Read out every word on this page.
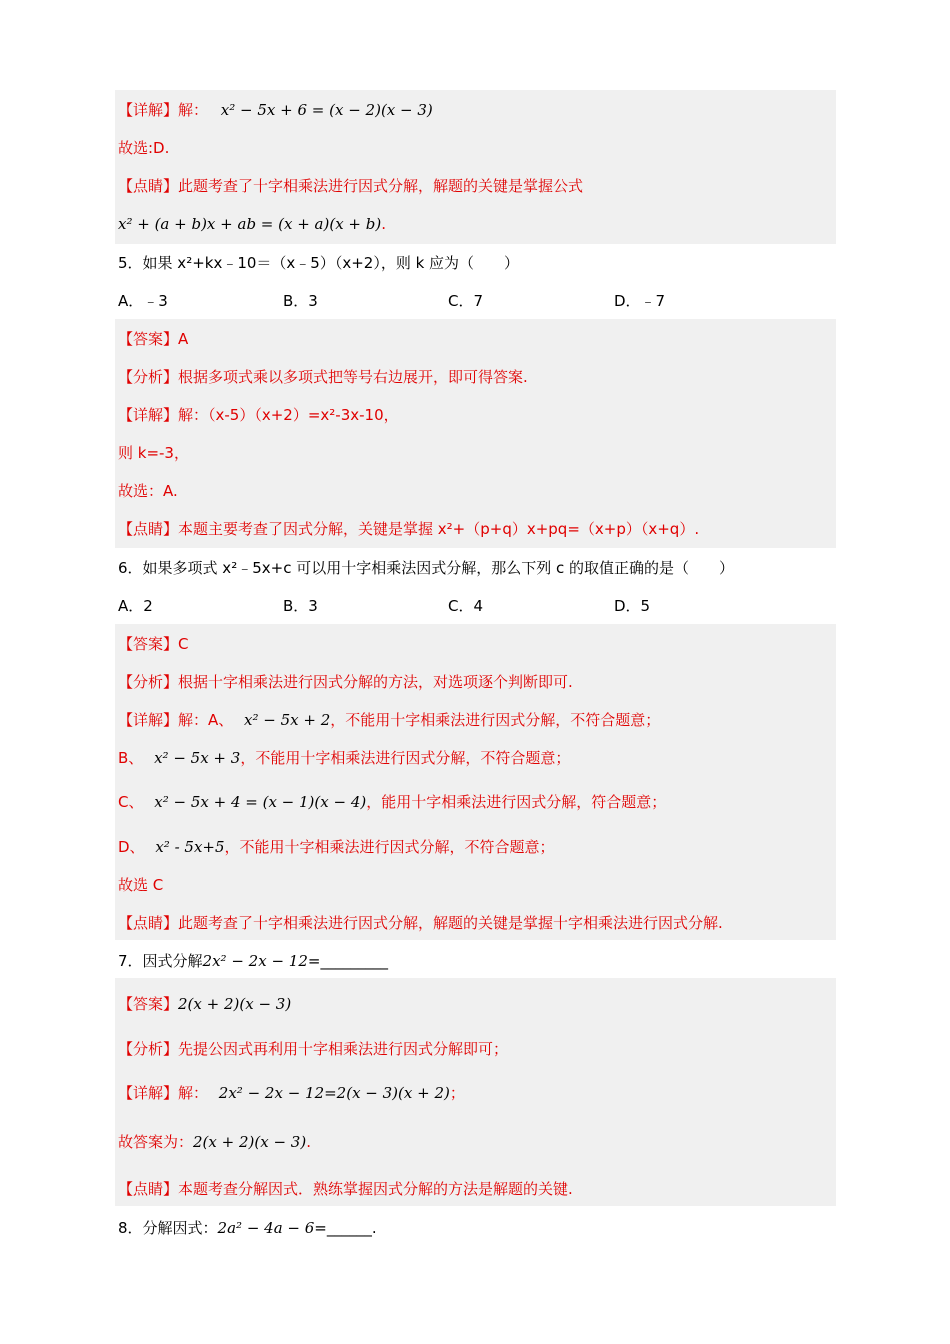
【详解】解： x² − 5x + 6 = (x − 2)(x − 3)
故选:D.
【点睛】此题考查了十字相乘法进行因式分解，解题的关键是掌握公式
x² + (a + b)x + ab = (x + a)(x + b).
5．如果 x²+kx﹣10＝（x﹣5）（x+2），则 k 应为（　　）
A．﹣3	B．3	C．7	D．﹣7
【答案】A
【分析】根据多项式乘以多项式把等号右边展开，即可得答案.
【详解】解：（x-5）（x+2）=x²-3x-10，
则 k=-3，
故选：A.
【点睛】本题主要考查了因式分解，关键是掌握 x²+（p+q）x+pq=（x+p）（x+q）.
6．如果多项式 x²﹣5x+c 可以用十字相乘法因式分解，那么下列 c 的取值正确的是（　　）
A．2	B．3	C．4	D．5
【答案】C
【分析】根据十字相乘法进行因式分解的方法，对选项逐个判断即可.
【详解】解：A、 x² − 5x + 2，不能用十字相乘法进行因式分解，不符合题意；
B、 x² − 5x + 3，不能用十字相乘法进行因式分解，不符合题意；
C、 x² − 5x + 4 = (x − 1)(x − 4)，能用十字相乘法进行因式分解，符合题意；
D、 x² - 5x+5，不能用十字相乘法进行因式分解，不符合题意；
故选 C
【点睛】此题考查了十字相乘法进行因式分解，解题的关键是掌握十字相乘法进行因式分解.
7．因式分解2x² − 2x − 12=_________
【答案】2(x + 2)(x − 3)
【分析】先提公因式再利用十字相乘法进行因式分解即可；
【详解】解： 2x² − 2x − 12=2(x − 3)(x + 2)；
故答案为：2(x + 2)(x − 3).
【点睛】本题考查分解因式．熟练掌握因式分解的方法是解题的关键.
8．分解因式：2a² − 4a − 6=______.
